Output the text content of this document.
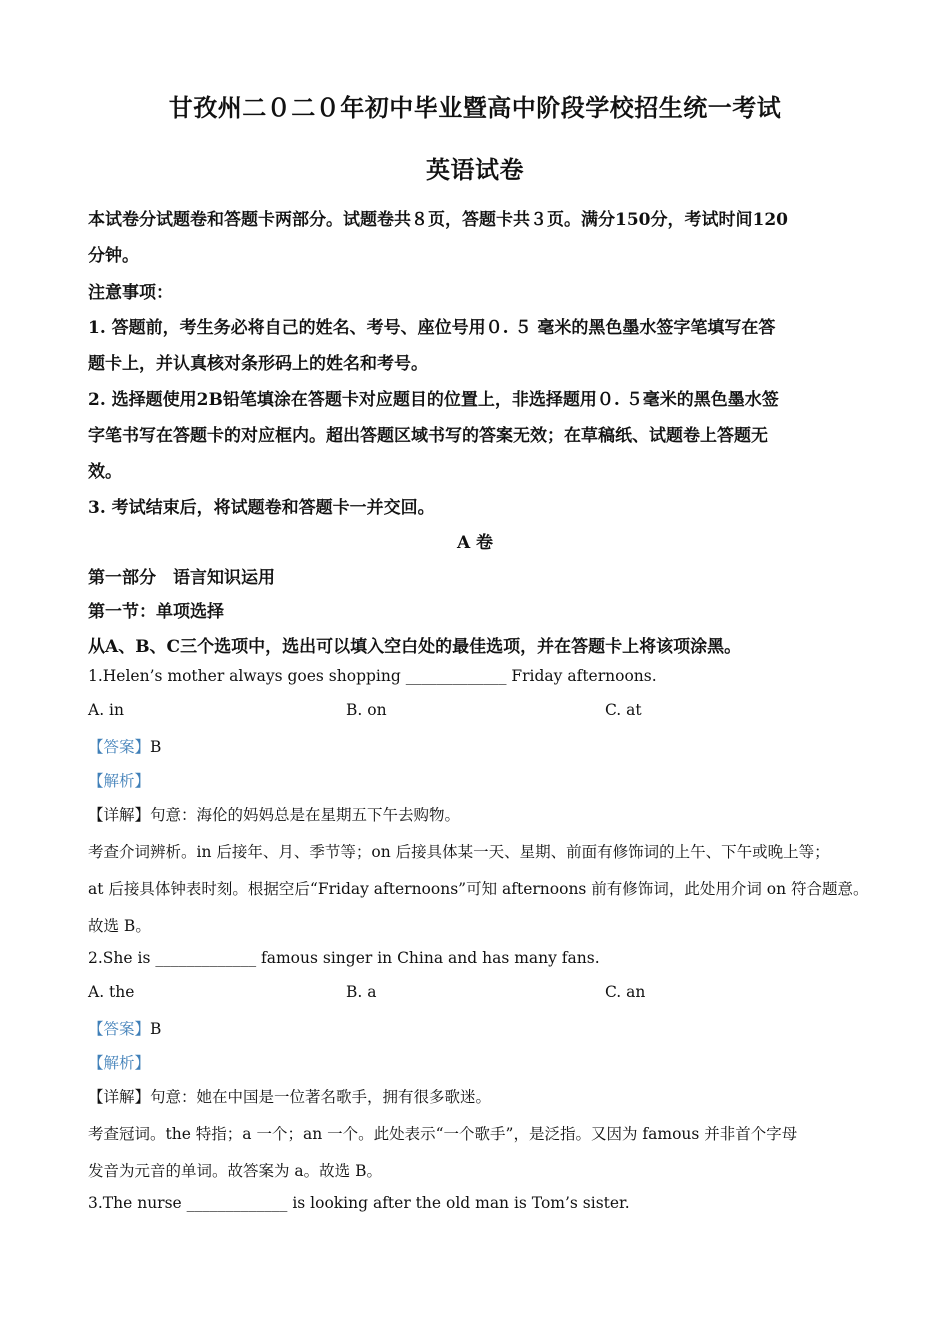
甘孜州二０二０年初中毕业暨高中阶段学校招生统一考试
英语试卷
本试卷分试题卷和答题卡两部分。试题卷共８页，答题卡共３页。满分150分，考试时间120
分钟。
注意事项：
1. 答题前，考生务必将自己的姓名、考号、座位号用０. ５ 毫米的黑色墨水签字笔填写在答
题卡上，并认真核对条形码上的姓名和考号。
2. 选择题使用2B铅笔填涂在答题卡对应题目的位置上，非选择题用０. ５毫米的黑色墨水签
字笔书写在答题卡的对应框内。超出答题区域书写的答案无效；在草稿纸、试题卷上答题无
效。
3. 考试结束后，将试题卷和答题卡一并交回。
A 卷
第一部分　语言知识运用
第一节：单项选择
从A、B、C三个选项中，选出可以填入空白处的最佳选项，并在答题卡上将该项涂黑。
1.Helen’s mother always goes shopping _____________ Friday afternoons.
A. in	B. on	C. at
【答案】B
【解析】
【详解】句意：海伦的妈妈总是在星期五下午去购物。
考查介词辨析。in 后接年、月、季节等；on 后接具体某一天、星期、前面有修饰词的上午、下午或晚上等；
at 后接具体钟表时刻。根据空后“Friday afternoons”可知 afternoons 前有修饰词，此处用介词 on 符合题意。
故选 B。
2.She is _____________ famous singer in China and has many fans.
A. the	B. a	C. an
【答案】B
【解析】
【详解】句意：她在中国是一位著名歌手，拥有很多歌迷。
考查冠词。the 特指；a 一个；an 一个。此处表示“一个歌手”，是泛指。又因为 famous 并非首个字母
发音为元音的单词。故答案为 a。故选 B。
3.The nurse _____________ is looking after the old man is Tom’s sister.
